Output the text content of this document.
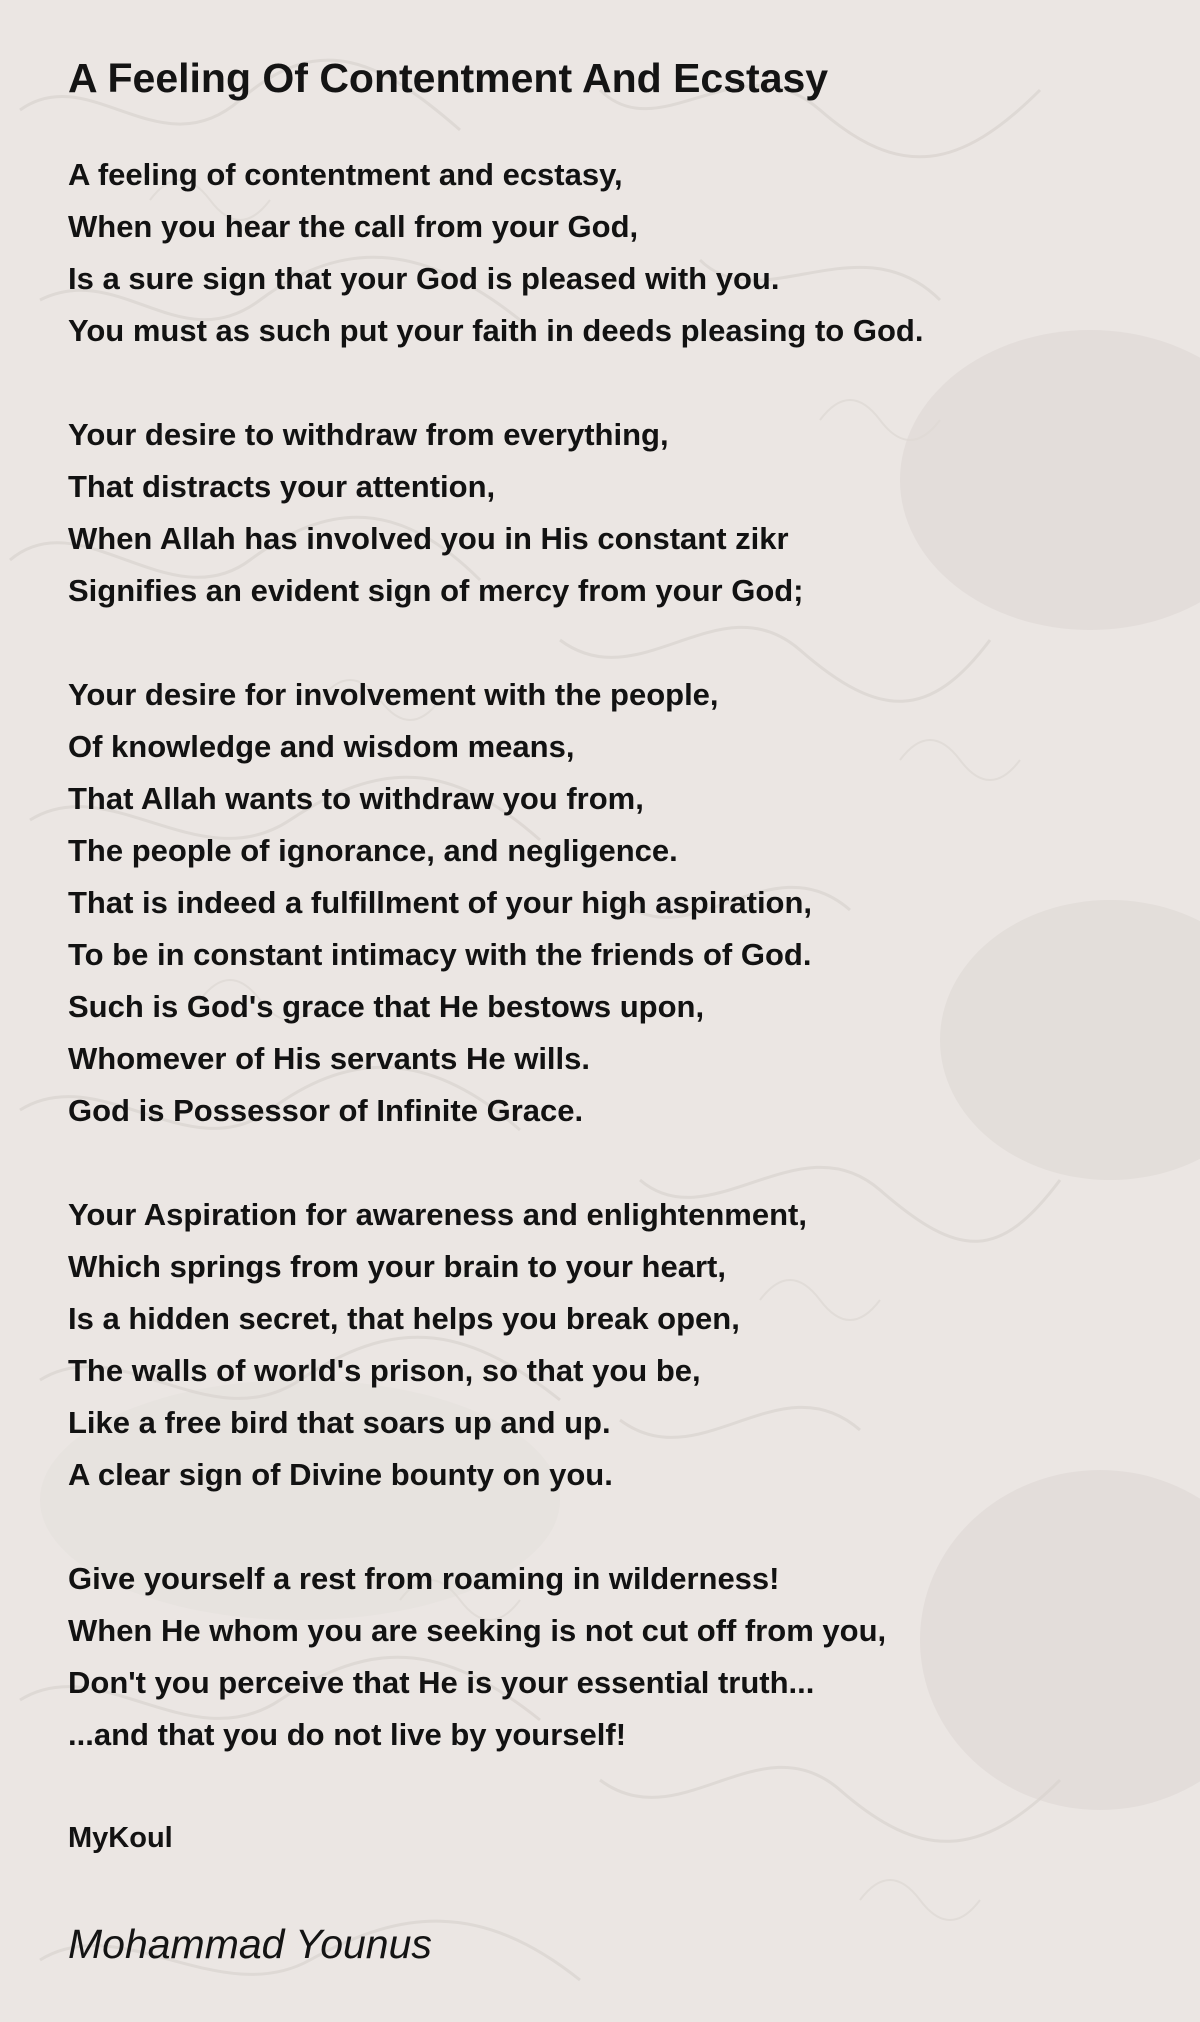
A Feeling Of Contentment And Ecstasy
A feeling of contentment and ecstasy,
When you hear the call from your God,
Is a sure sign that your God is pleased with you.
You must as such put your faith in deeds pleasing to God.
Your desire to withdraw from everything,
That distracts your attention,
When Allah has involved you in His constant zikr
Signifies an evident sign of mercy from your God;
Your desire for involvement with the people,
Of knowledge and wisdom means,
That Allah wants to withdraw you from,
The people of ignorance, and negligence.
That is indeed a fulfillment of your high aspiration,
To be in constant intimacy with the friends of God.
Such is God's grace that He bestows upon,
Whomever of His servants He wills.
God is Possessor of Infinite Grace.
Your Aspiration for awareness and enlightenment,
Which springs from your brain to your heart,
Is a hidden secret, that helps you break open,
The walls of world's prison, so that you be,
Like a free bird that soars up and up.
A clear sign of Divine bounty on you.
Give yourself a rest from roaming in wilderness!
When He whom you are seeking is not cut off from you,
Don't you perceive that He is your essential truth...
...and that you do not live by yourself!
MyKoul
Mohammad Younus
